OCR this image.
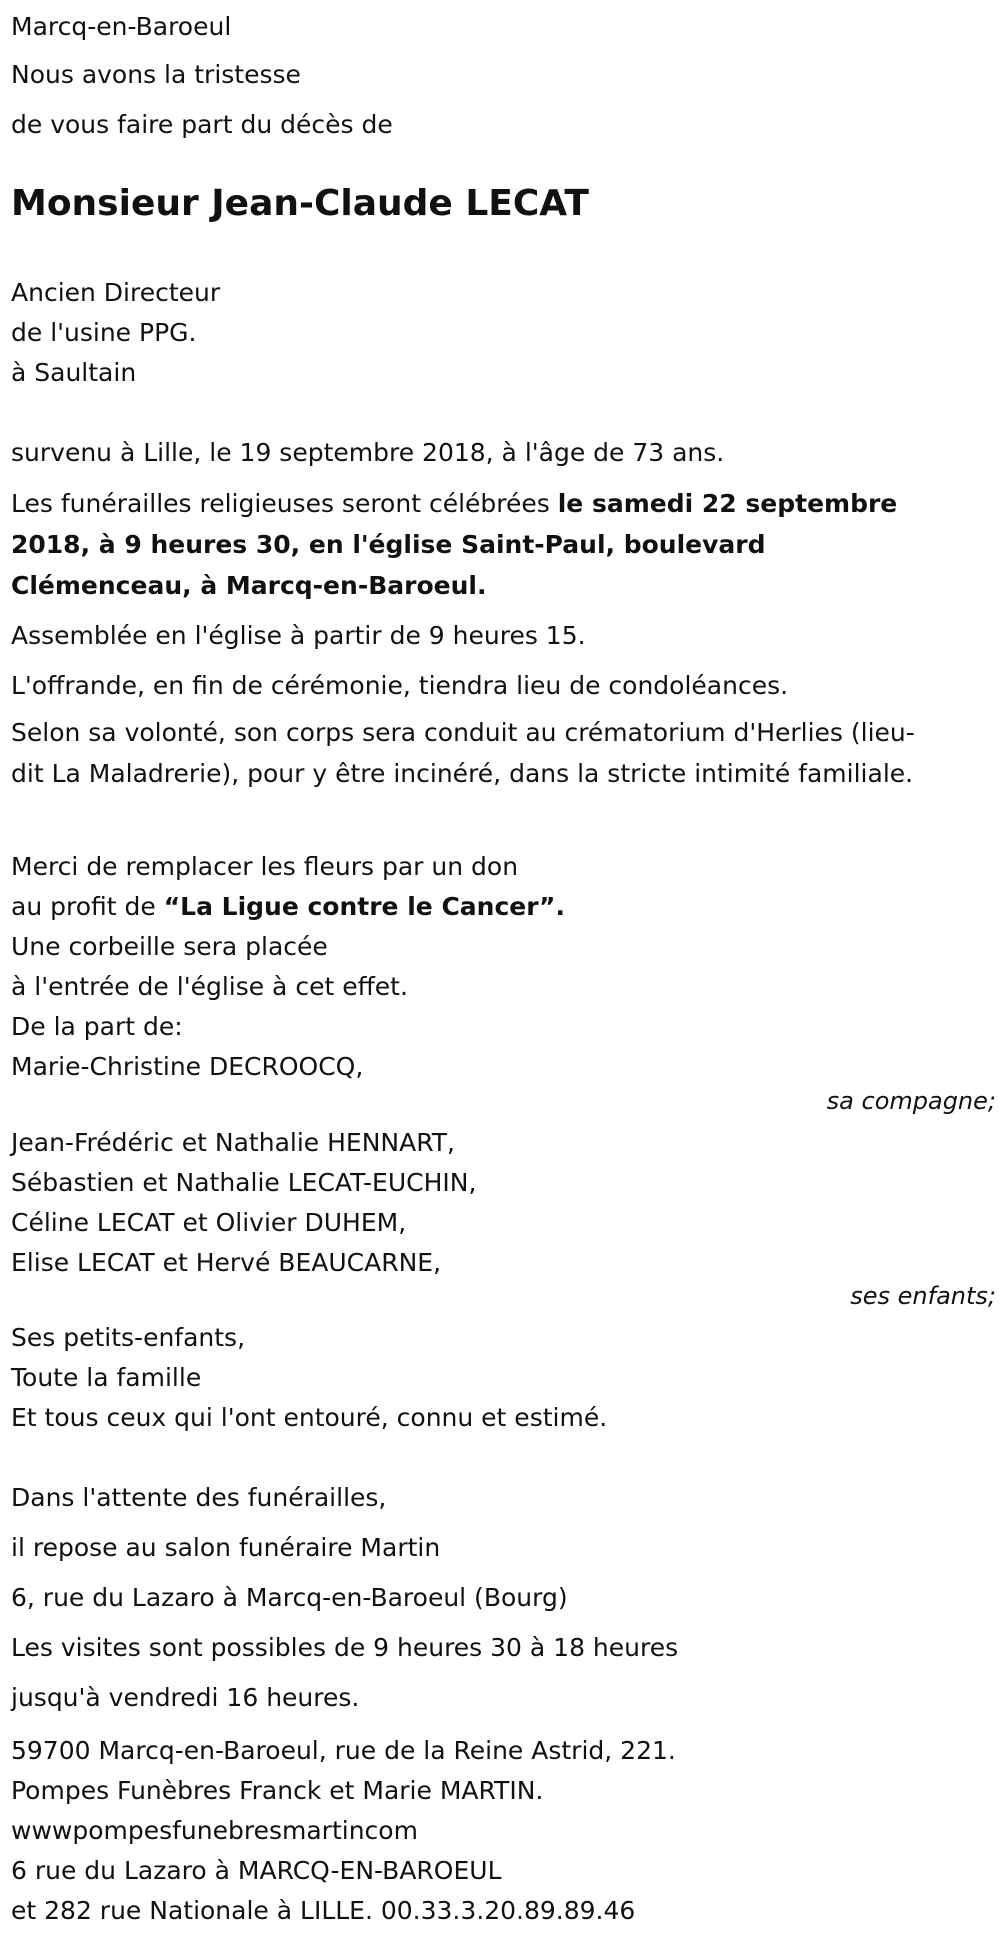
Marcq-en-Baroeul
Nous avons la tristesse
de vous faire part du décès de
Monsieur Jean-Claude LECAT
Ancien Directeur
de l'usine PPG.
à Saultain
survenu à Lille, le 19 septembre 2018, à l'âge de 73 ans.
Les funérailles religieuses seront célébrées le samedi 22 septembre 2018, à 9 heures 30, en l'église Saint-Paul, boulevard Clémenceau, à Marcq-en-Baroeul.
Assemblée en l'église à partir de 9 heures 15.
L'offrande, en fin de cérémonie, tiendra lieu de condoléances.
Selon sa volonté, son corps sera conduit au crématorium d'Herlies (lieu-dit La Maladrerie), pour y être incinéré, dans la stricte intimité familiale.
Merci de remplacer les fleurs par un don
au profit de “La Ligue contre le Cancer”.
Une corbeille sera placée
à l'entrée de l'église à cet effet.
De la part de:
Marie-Christine DECROOCQ,
sa compagne;
Jean-Frédéric et Nathalie HENNART,
Sébastien et Nathalie LECAT-EUCHIN,
Céline LECAT et Olivier DUHEM,
Elise LECAT et Hervé BEAUCARNE,
ses enfants;
Ses petits-enfants,
Toute la famille
Et tous ceux qui l'ont entouré, connu et estimé.
Dans l'attente des funérailles,
il repose au salon funéraire Martin
6, rue du Lazaro à Marcq-en-Baroeul (Bourg)
Les visites sont possibles de 9 heures 30 à 18 heures
jusqu'à vendredi 16 heures.
59700 Marcq-en-Baroeul, rue de la Reine Astrid, 221.
Pompes Funèbres Franck et Marie MARTIN.
wwwpompesfunebresmartincom
6 rue du Lazaro à MARCQ-EN-BAROEUL
et 282 rue Nationale à LILLE. 00.33.3.20.89.89.46
